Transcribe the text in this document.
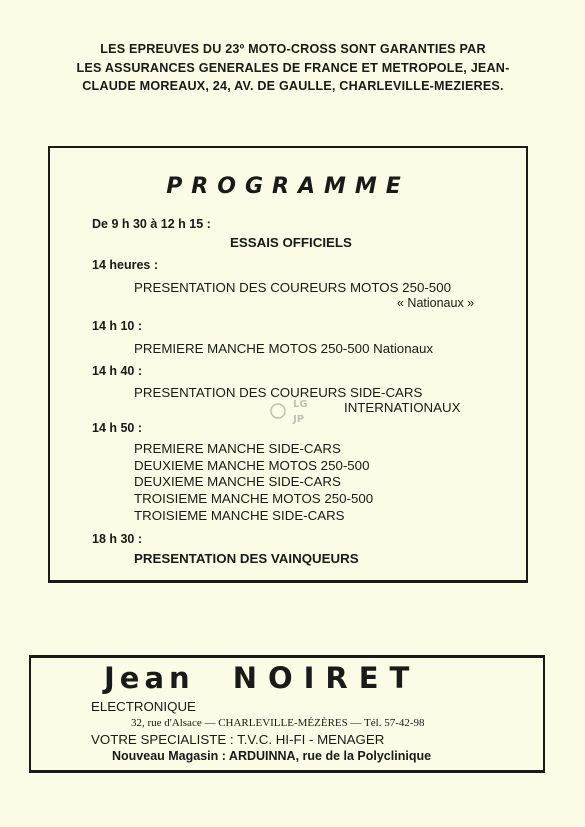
LES EPREUVES DU 23º MOTO-CROSS SONT GARANTIES PAR
LES ASSURANCES GENERALES DE FRANCE ET METROPOLE, JEAN-
CLAUDE MOREAUX, 24, AV. DE GAULLE, CHARLEVILLE-MEZIERES.
PROGRAMME
De 9 h 30 à 12 h 15 :
ESSAIS OFFICIELS
14 heures :
PRESENTATION DES COUREURS MOTOS 250-500
« Nationaux »
14 h 10 :
PREMIERE MANCHE MOTOS 250-500 Nationaux
14 h 40 :
PRESENTATION DES COUREURS SIDE-CARS
INTERNATIONAUX
14 h 50 :
PREMIERE MANCHE SIDE-CARS
DEUXIEME MANCHE MOTOS 250-500
DEUXIEME MANCHE SIDE-CARS
TROISIEME MANCHE MOTOS 250-500
TROISIEME MANCHE SIDE-CARS
18 h 30 :
PRESENTATION DES VAINQUEURS
LG
JP
Jean NOIRET
ELECTRONIQUE
32, rue d'Alsace — CHARLEVILLE-MÉZÈRES — Tél. 57-42-98
VOTRE SPECIALISTE : T.V.C. HI-FI - MENAGER
Nouveau Magasin : ARDUINNA, rue de la Polyclinique
